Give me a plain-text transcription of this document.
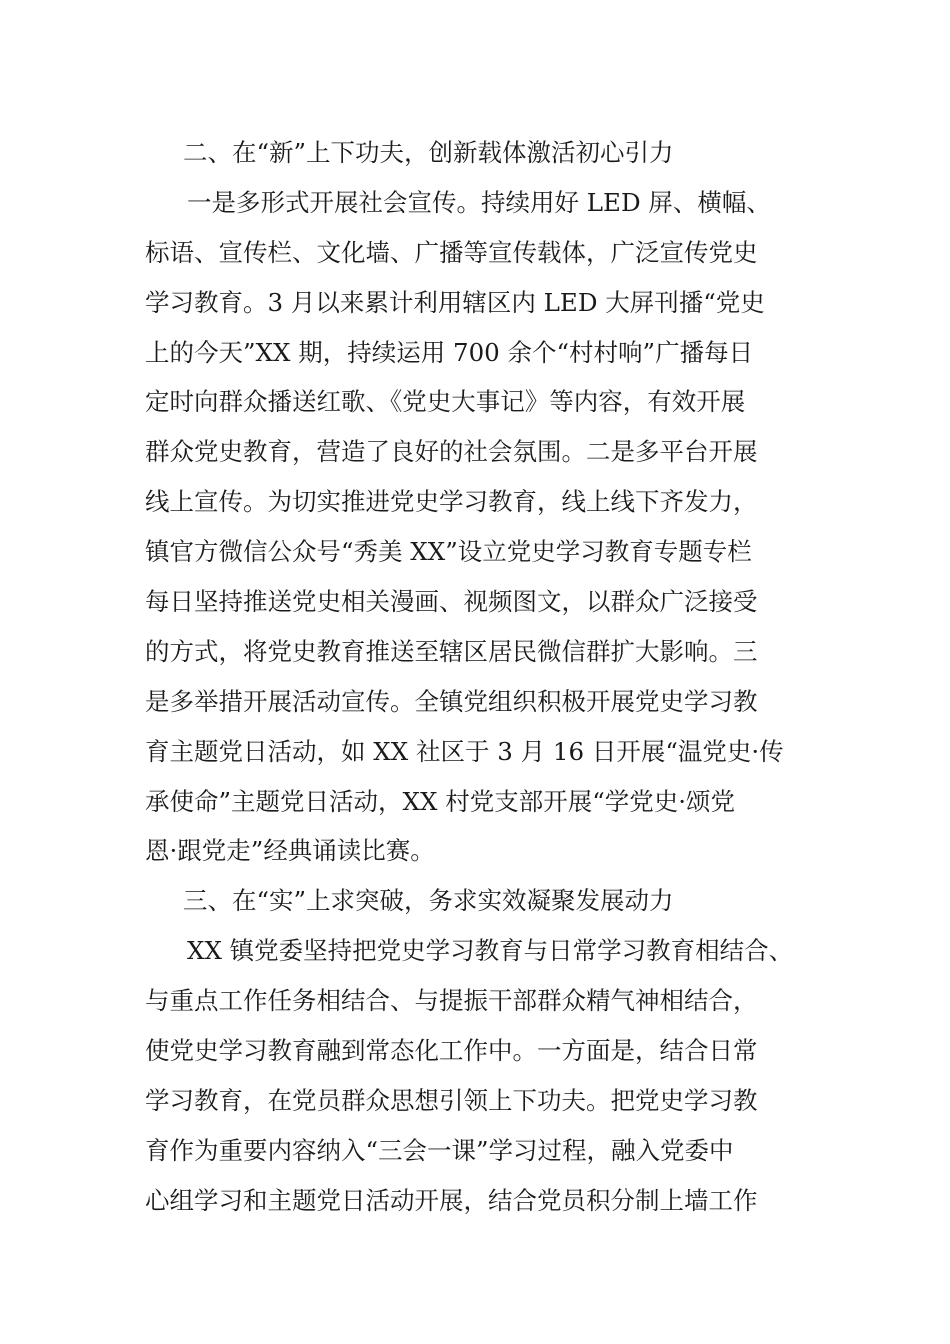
二、在“新”上下功夫，创新载体激活初心引力
一是多形式开展社会宣传。持续用好 LED 屏、横幅、
标语、宣传栏、文化墙、广播等宣传载体，广泛宣传党史
学习教育。3 月以来累计利用辖区内 LED 大屏刊播“党史
上的今天”XX 期，持续运用 700 余个“村村响”广播每日
定时向群众播送红歌、《党史大事记》等内容，有效开展
群众党史教育，营造了良好的社会氛围。二是多平台开展
线上宣传。为切实推进党史学习教育，线上线下齐发力，
镇官方微信公众号“秀美 XX”设立党史学习教育专题专栏
每日坚持推送党史相关漫画、视频图文，以群众广泛接受
的方式，将党史教育推送至辖区居民微信群扩大影响。三
是多举措开展活动宣传。全镇党组织积极开展党史学习教
育主题党日活动，如 XX 社区于 3 月 16 日开展“温党史·传
承使命”主题党日活动，XX 村党支部开展“学党史·颂党
恩·跟党走”经典诵读比赛。
三、在“实”上求突破，务求实效凝聚发展动力
XX 镇党委坚持把党史学习教育与日常学习教育相结合、
与重点工作任务相结合、与提振干部群众精气神相结合，
使党史学习教育融到常态化工作中。一方面是，结合日常
学习教育，在党员群众思想引领上下功夫。把党史学习教
育作为重要内容纳入“三会一课”学习过程，融入党委中
心组学习和主题党日活动开展，结合党员积分制上墙工作
